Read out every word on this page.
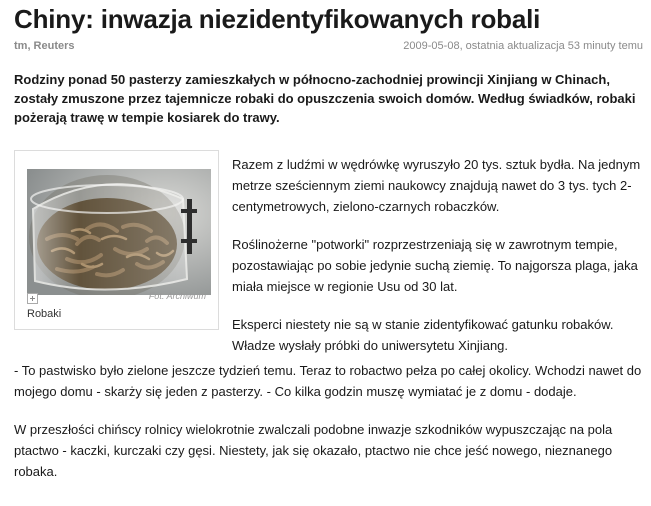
Chiny: inwazja niezidentyfikowanych robali
tm, Reuters	2009-05-08, ostatnia aktualizacja 53 minuty temu

Rodziny ponad 50 pasterzy zamieszkałych w północno-zachodniej prowincji Xinjiang w Chinach, zostały zmuszone przez tajemnicze robaki do opuszczenia swoich domów. Według świadków, robaki pożerają trawę w tempie kosiarek do trawy.

Fot. Archiwum
Robaki

Razem z ludźmi w wędrówkę wyruszyło 20 tys. sztuk bydła. Na jednym metrze sześciennym ziemi naukowcy znajdują nawet do 3 tys. tych 2-centymetrowych, zielono-czarnych robaczków.

Roślinożerne "potworki" rozprzestrzeniają się w zawrotnym tempie, pozostawiając po sobie jedynie suchą ziemię. To najgorsza plaga, jaka miała miejsce w regionie Usu od 30 lat.

Eksperci niestety nie są w stanie zidentyfikować gatunku robaków. Władze wysłały próbki do uniwersytetu Xinjiang.

- To pastwisko było zielone jeszcze tydzień temu. Teraz to robactwo pełza po całej okolicy. Wchodzi nawet do mojego domu - skarży się jeden z pasterzy. - Co kilka godzin muszę wymiatać je z domu - dodaje.

W przeszłości chińscy rolnicy wielokrotnie zwalczali podobne inwazje szkodników wypuszczając na pola ptactwo - kaczki, kurczaki czy gęsi. Niestety, jak się okazało, ptactwo nie chce jeść nowego, nieznanego robaka.
